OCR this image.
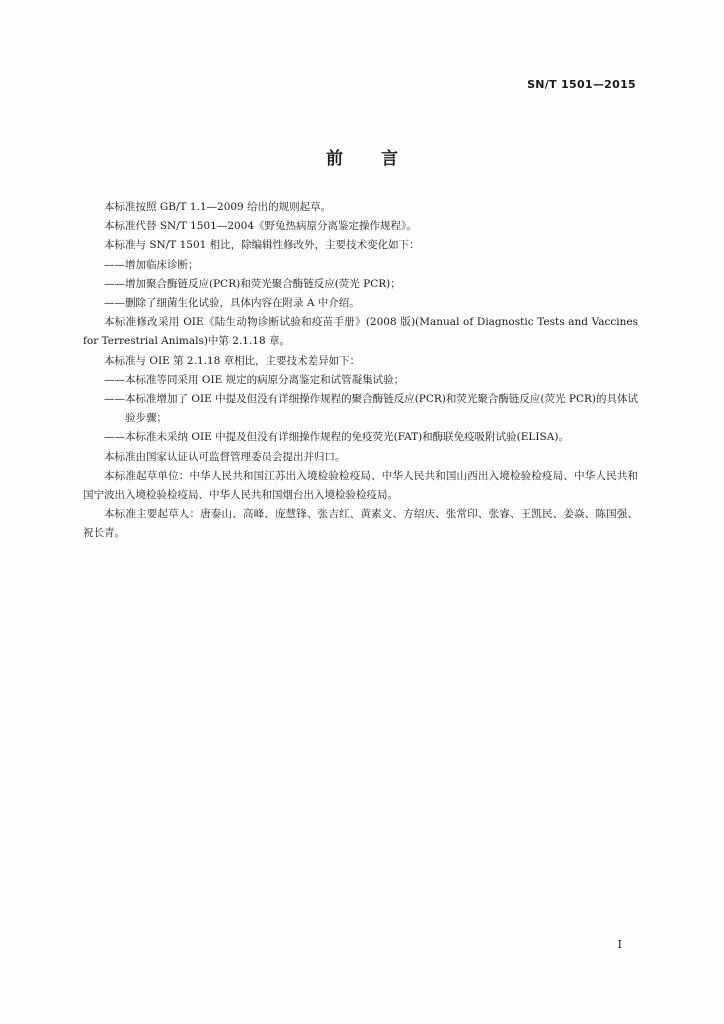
SN/T 1501—2015
前言

本标准按照 GB/T 1.1—2009 给出的规则起草。

本标准代替 SN/T 1501—2004《野兔热病原分离鉴定操作规程》。

本标准与 SN/T 1501 相比，除编辑性修改外，主要技术变化如下：

——增加临床诊断；

——增加聚合酶链反应(PCR)和荧光聚合酶链反应(荧光 PCR)；

——删除了细菌生化试验，具体内容在附录 A 中介绍。

本标准修改采用 OIE《陆生动物诊断试验和疫苗手册》(2008 版)(Manual of Diagnostic Tests and Vaccines for Terrestrial Animals)中第 2.1.18 章。

本标准与 OIE 第 2.1.18 章相比，主要技术差异如下：

——本标准等同采用 OIE 规定的病原分离鉴定和试管凝集试验；

——本标准增加了 OIE 中提及但没有详细操作规程的聚合酶链反应(PCR)和荧光聚合酶链反应(荧光 PCR)的具体试验步骤；

——本标准未采纳 OIE 中提及但没有详细操作规程的免疫荧光(FAT)和酶联免疫吸附试验(ELISA)。

本标准由国家认证认可监督管理委员会提出并归口。

本标准起草单位：中华人民共和国江苏出入境检验检疫局、中华人民共和国山西出入境检验检疫局、中华人民共和国宁波出入境检验检疫局、中华人民共和国烟台出入境检验检疫局。

本标准主要起草人：唐泰山、高峰、庞慧锋、张吉红、黄素文、方绍庆、张常印、张睿、王凯民、姜焱、陈国强、祝长青。

I
